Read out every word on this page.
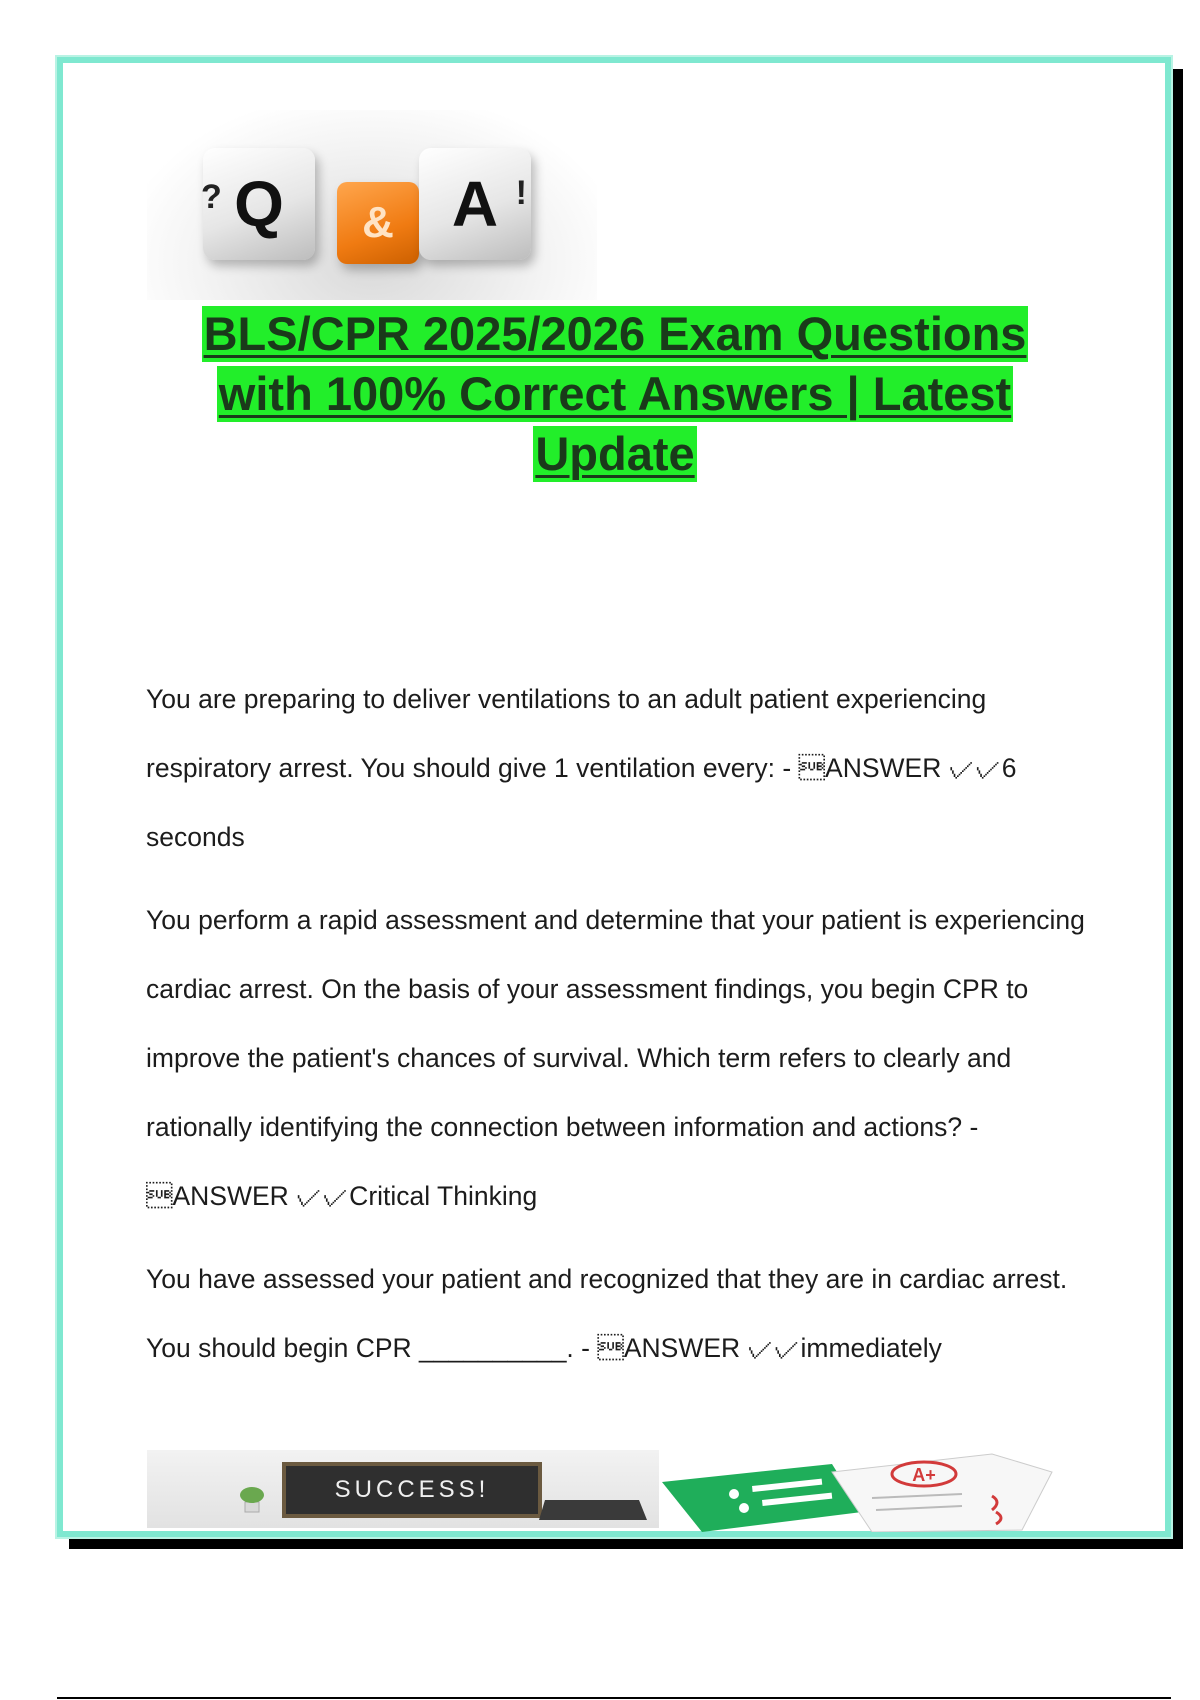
? Q & A !
BLS/CPR 2025/2026 Exam Questions
with 100% Correct Answers | Latest
Update
You are preparing to deliver ventilations to an adult patient experiencing respiratory arrest. You should give 1 ventilation every: - ANSWER ✓✓6 seconds
You perform a rapid assessment and determine that your patient is experiencing cardiac arrest. On the basis of your assessment findings, you begin CPR to improve the patient's chances of survival. Which term refers to clearly and rationally identifying the connection between information and actions? - ANSWER ✓✓Critical Thinking
You have assessed your patient and recognized that they are in cardiac arrest. You should begin CPR __________. - ANSWER ✓✓immediately
SUCCESS!
A+
